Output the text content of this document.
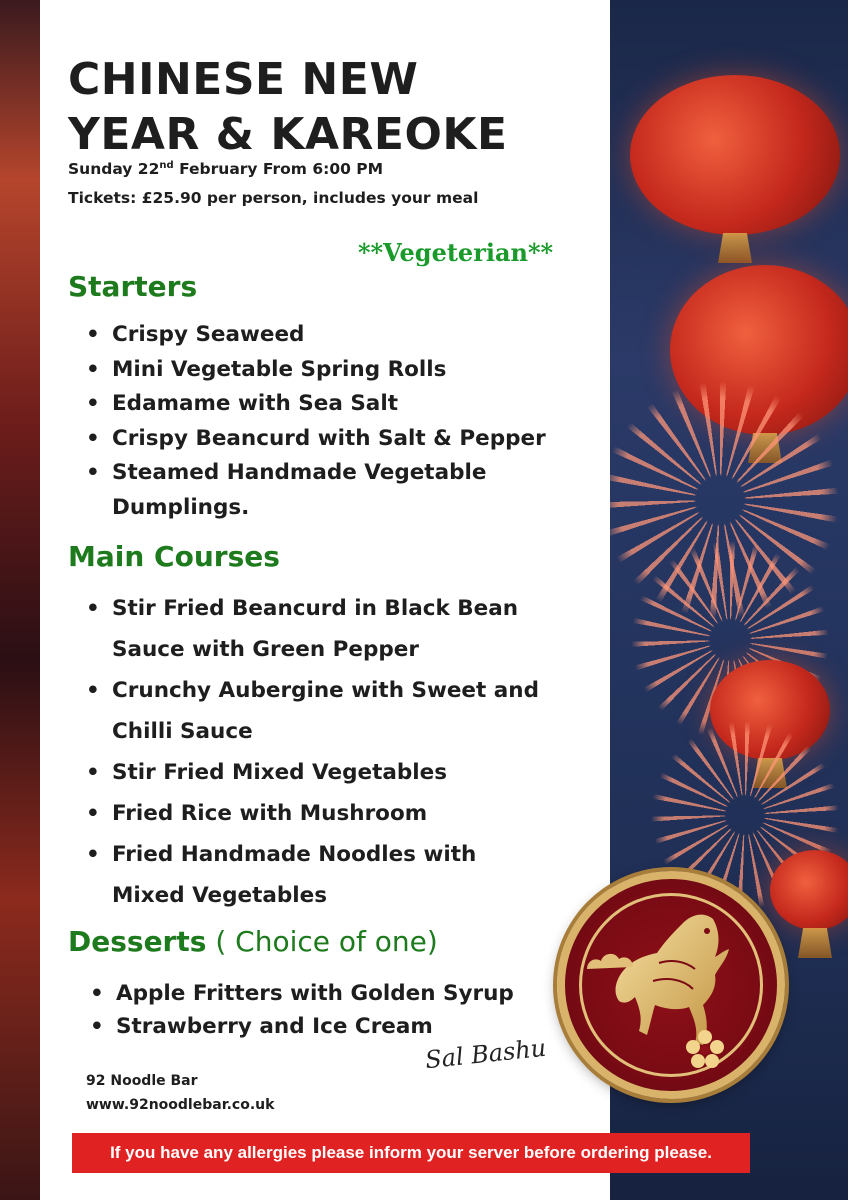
CHINESE NEW
YEAR & KAREOKE
Sunday 22nd February From 6:00 PM
Tickets: £25.90 per person, includes your meal
**Vegeterian**
Starters
• Crispy Seaweed
• Mini Vegetable Spring Rolls
• Edamame with Sea Salt
• Crispy Beancurd with Salt & Pepper
• Steamed Handmade Vegetable Dumplings.
Main Courses
• Stir Fried Beancurd in Black Bean Sauce with Green Pepper
• Crunchy Aubergine with Sweet and Chilli Sauce
• Stir Fried Mixed Vegetables
• Fried Rice with Mushroom
• Fried Handmade Noodles with Mixed Vegetables
Desserts ( Choice of one)
• Apple Fritters with Golden Syrup
• Strawberry and Ice Cream
92 Noodle Bar
www.92noodlebar.co.uk
Sal Bashu
If you have any allergies please inform your server before ordering please.
